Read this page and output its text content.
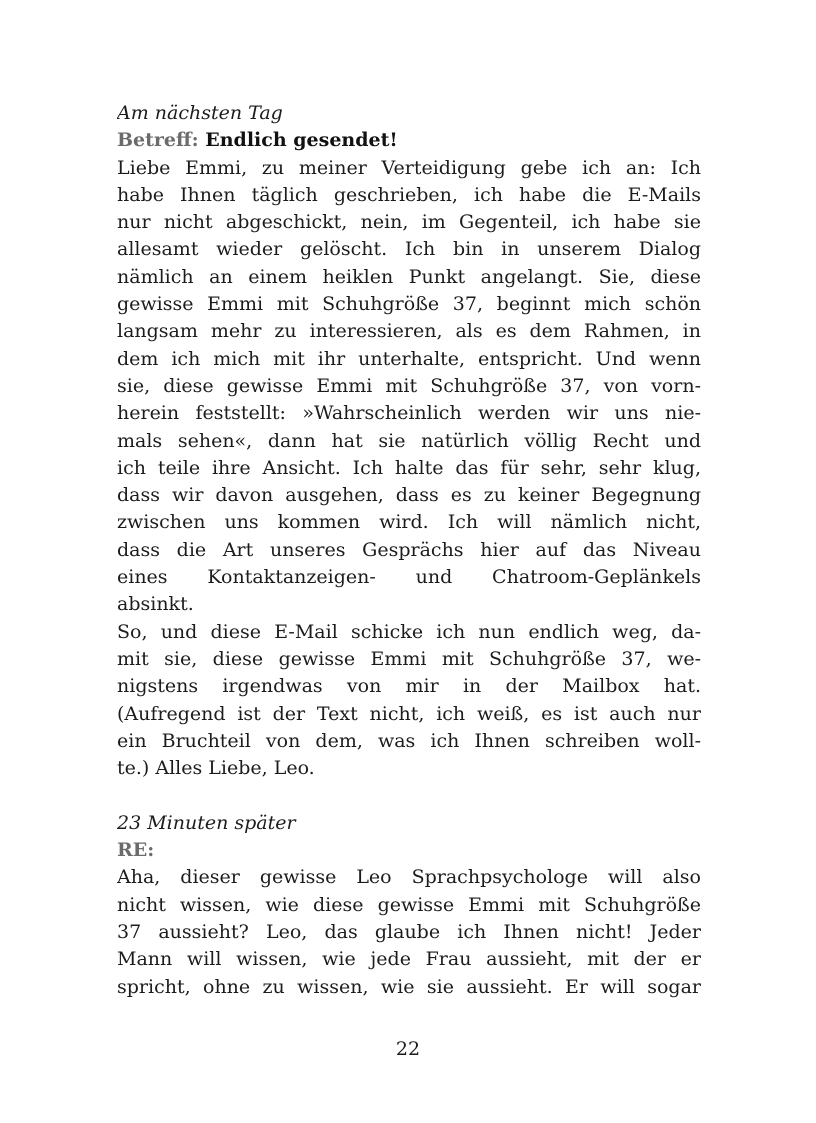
Am nächsten Tag
Betreff: Endlich gesendet!
Liebe Emmi, zu meiner Verteidigung gebe ich an: Ich
habe Ihnen täglich geschrieben, ich habe die E-Mails
nur nicht abgeschickt, nein, im Gegenteil, ich habe sie
allesamt wieder gelöscht. Ich bin in unserem Dialog
nämlich an einem heiklen Punkt angelangt. Sie, diese
gewisse Emmi mit Schuhgröße 37, beginnt mich schön
langsam mehr zu interessieren, als es dem Rahmen, in
dem ich mich mit ihr unterhalte, entspricht. Und wenn
sie, diese gewisse Emmi mit Schuhgröße 37, von vorn-
herein feststellt: »Wahrscheinlich werden wir uns nie-
mals sehen«, dann hat sie natürlich völlig Recht und
ich teile ihre Ansicht. Ich halte das für sehr, sehr klug,
dass wir davon ausgehen, dass es zu keiner Begegnung
zwischen uns kommen wird. Ich will nämlich nicht,
dass die Art unseres Gesprächs hier auf das Niveau
eines Kontaktanzeigen- und Chatroom-Geplänkels
absinkt.
So, und diese E-Mail schicke ich nun endlich weg, da-
mit sie, diese gewisse Emmi mit Schuhgröße 37, we-
nigstens irgendwas von mir in der Mailbox hat.
(Aufregend ist der Text nicht, ich weiß, es ist auch nur
ein Bruchteil von dem, was ich Ihnen schreiben woll-
te.) Alles Liebe, Leo.
23 Minuten später
RE:
Aha, dieser gewisse Leo Sprachpsychologe will also
nicht wissen, wie diese gewisse Emmi mit Schuhgröße
37 aussieht? Leo, das glaube ich Ihnen nicht! Jeder
Mann will wissen, wie jede Frau aussieht, mit der er
spricht, ohne zu wissen, wie sie aussieht. Er will sogar
22
